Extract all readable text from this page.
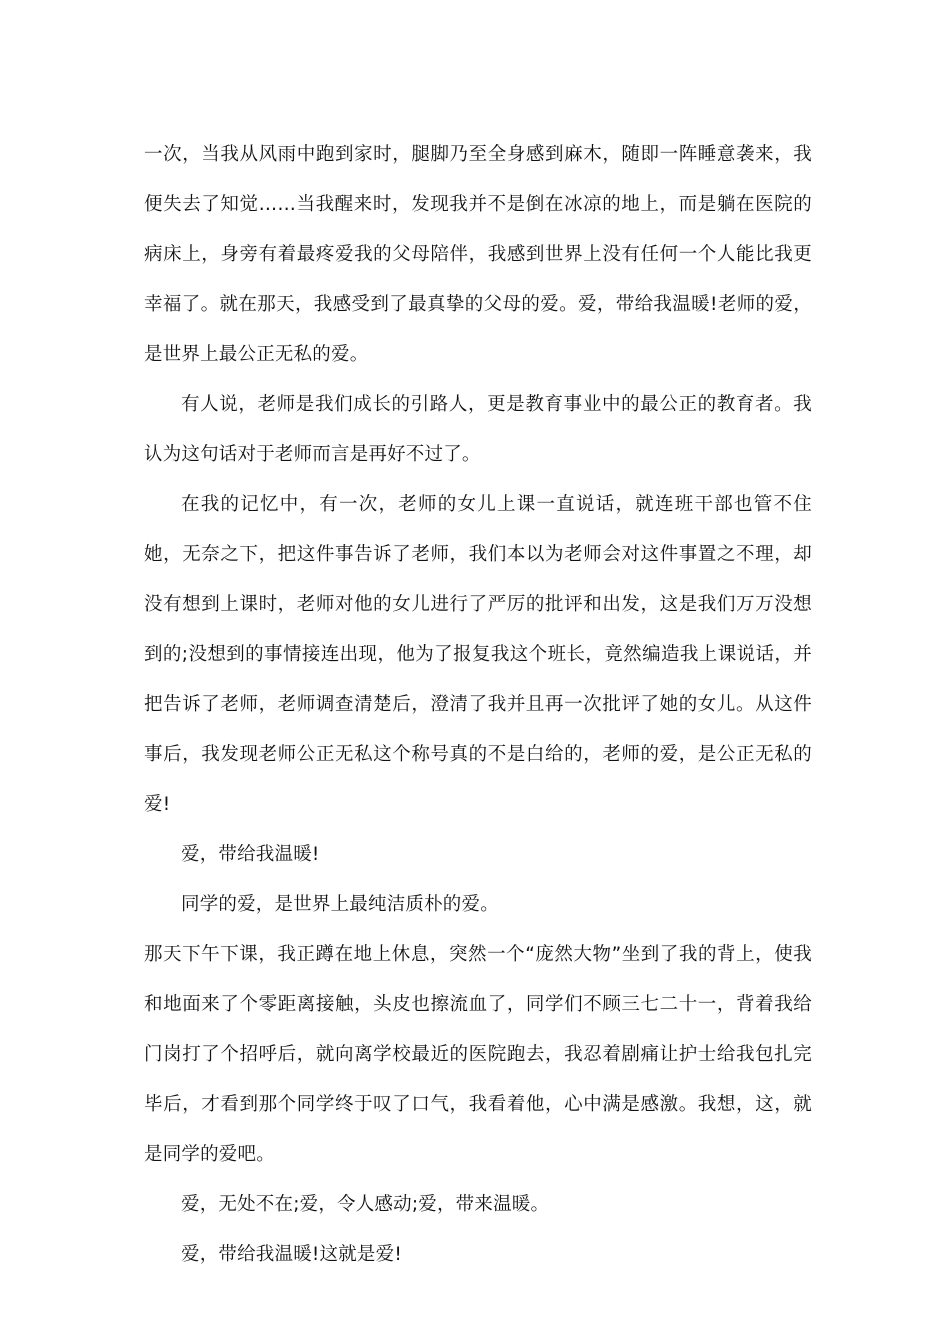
一次，当我从风雨中跑到家时，腿脚乃至全身感到麻木，随即一阵睡意袭来，我便失去了知觉……当我醒来时，发现我并不是倒在冰凉的地上，而是躺在医院的病床上，身旁有着最疼爱我的父母陪伴，我感到世界上没有任何一个人能比我更幸福了。就在那天，我感受到了最真挚的父母的爱。爱，带给我温暖!老师的爱，是世界上最公正无私的爱。

有人说，老师是我们成长的引路人，更是教育事业中的最公正的教育者。我认为这句话对于老师而言是再好不过了。

在我的记忆中，有一次，老师的女儿上课一直说话，就连班干部也管不住她，无奈之下，把这件事告诉了老师，我们本以为老师会对这件事置之不理，却没有想到上课时，老师对他的女儿进行了严厉的批评和出发，这是我们万万没想到的;没想到的事情接连出现，他为了报复我这个班长，竟然编造我上课说话，并把告诉了老师，老师调查清楚后，澄清了我并且再一次批评了她的女儿。从这件事后，我发现老师公正无私这个称号真的不是白给的，老师的爱，是公正无私的爱!

爱，带给我温暖!

同学的爱，是世界上最纯洁质朴的爱。

那天下午下课，我正蹲在地上休息，突然一个“庞然大物”坐到了我的背上，使我和地面来了个零距离接触，头皮也擦流血了，同学们不顾三七二十一，背着我给门岗打了个招呼后，就向离学校最近的医院跑去，我忍着剧痛让护士给我包扎完毕后，才看到那个同学终于叹了口气，我看着他，心中满是感激。我想，这，就是同学的爱吧。

爱，无处不在;爱，令人感动;爱，带来温暖。

爱，带给我温暖!这就是爱!
